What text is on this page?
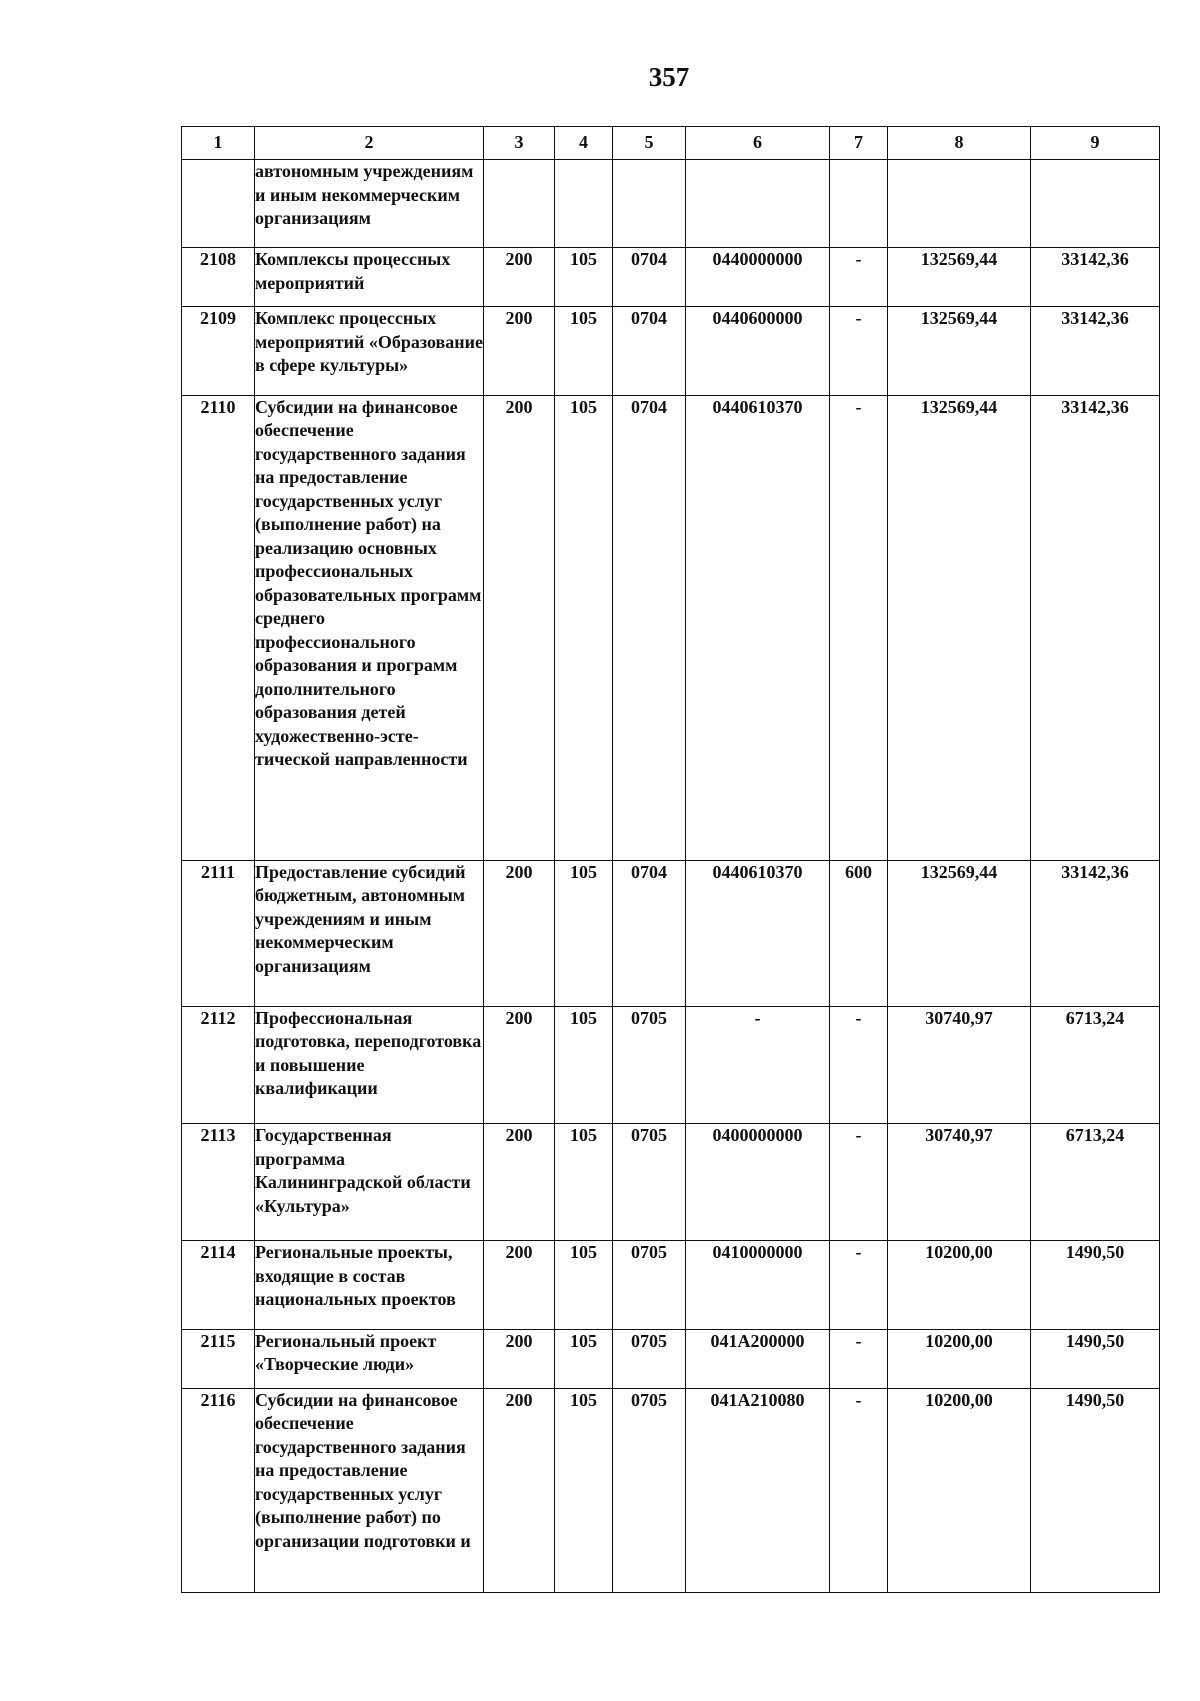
357
1	2	3	4	5	6	7	8	9
	автономным учреждениям и иным некоммерческим организациям							
2108	Комплексы процессных мероприятий	200	105	0704	0440000000	-	132569,44	33142,36
2109	Комплекс процессных мероприятий «Образование в сфере культуры»	200	105	0704	0440600000	-	132569,44	33142,36
2110	Субсидии на финансовое обеспечение государственного задания на предоставление государственных услуг (выполнение работ) на реализацию основных профессиональных образовательных программ среднего профессионального образования и программ дополнительного образования детей художественно-эсте-тической направленности	200	105	0704	0440610370	-	132569,44	33142,36
2111	Предоставление субсидий бюджетным, автономным учреждениям и иным некоммерческим организациям	200	105	0704	0440610370	600	132569,44	33142,36
2112	Профессиональная подготовка, переподготовка и повышение квалификации	200	105	0705	-	-	30740,97	6713,24
2113	Государственная программа Калининградской области «Культура»	200	105	0705	0400000000	-	30740,97	6713,24
2114	Региональные проекты, входящие в состав национальных проектов	200	105	0705	0410000000	-	10200,00	1490,50
2115	Региональный проект «Творческие люди»	200	105	0705	041A200000	-	10200,00	1490,50
2116	Субсидии на финансовое обеспечение государственного задания на предоставление государственных услуг (выполнение работ) по организации подготовки и	200	105	0705	041A210080	-	10200,00	1490,50
